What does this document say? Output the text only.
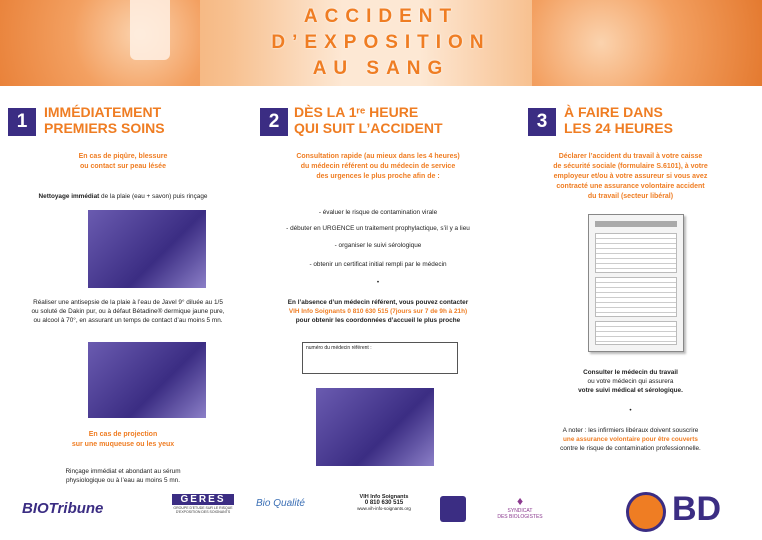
ACCIDENT
D’EXPOSITION
AU SANG
1	IMMÉDIATEMENT
PREMIERS SOINS
En cas de piqûre, blessure
ou contact sur peau lésée
Nettoyage immédiat de la plaie (eau + savon) puis rinçage
Réaliser une antisepsie de la plaie à l’eau de Javel 9° diluée au 1/5
ou soluté de Dakin pur, ou à défaut Bétadine® dermique jaune pure,
ou alcool à 70°, en assurant un temps de contact d’au moins 5 mn.
En cas de projection
sur une muqueuse ou les yeux
Rinçage immédiat et abondant au sérum
physiologique ou à l’eau au moins 5 mn.
2	DÈS LA 1ʳᵉ HEURE
QUI SUIT L’ACCIDENT
Consultation rapide (au mieux dans les 4 heures)
du médecin référent ou du médecin de service
des urgences le plus proche afin de :
- évaluer le risque de contamination virale
- débuter en URGENCE un traitement prophylactique, s’il y a lieu
- organiser le suivi sérologique
- obtenir un certificat initial rempli par le médecin
•
En l’absence d’un médecin référent, vous pouvez contacter
VIH Info Soignants 0 810 630 515 (7jours sur 7 de 9h à 21h)
pour obtenir les coordonnées d’accueil le plus proche
numéro du médecin référent :
3	À FAIRE DANS
LES 24 HEURES
Déclarer l’accident du travail à votre caisse
de sécurité sociale (formulaire S.6101), à votre
employeur et/ou à votre assureur si vous avez
contracté une assurance volontaire accident
du travail (secteur libéral)
Consulter le médecin du travail
ou votre médecin qui assurera
votre suivi médical et sérologique.
•
A noter : les infirmiers libéraux doivent souscrire
une assurance volontaire pour être couverts
contre le risque de contamination professionnelle.
BIOTribune
GERES
GROUPE D'ETUDE SUR LE RISQUE D'EXPOSITION DES SOIGNANTS
Bio Qualité
VIH Info Soignants
0 810 630 515
www.vih-info-soignants.org
♦
SYNDICAT
DES BIOLOGISTES	BD
